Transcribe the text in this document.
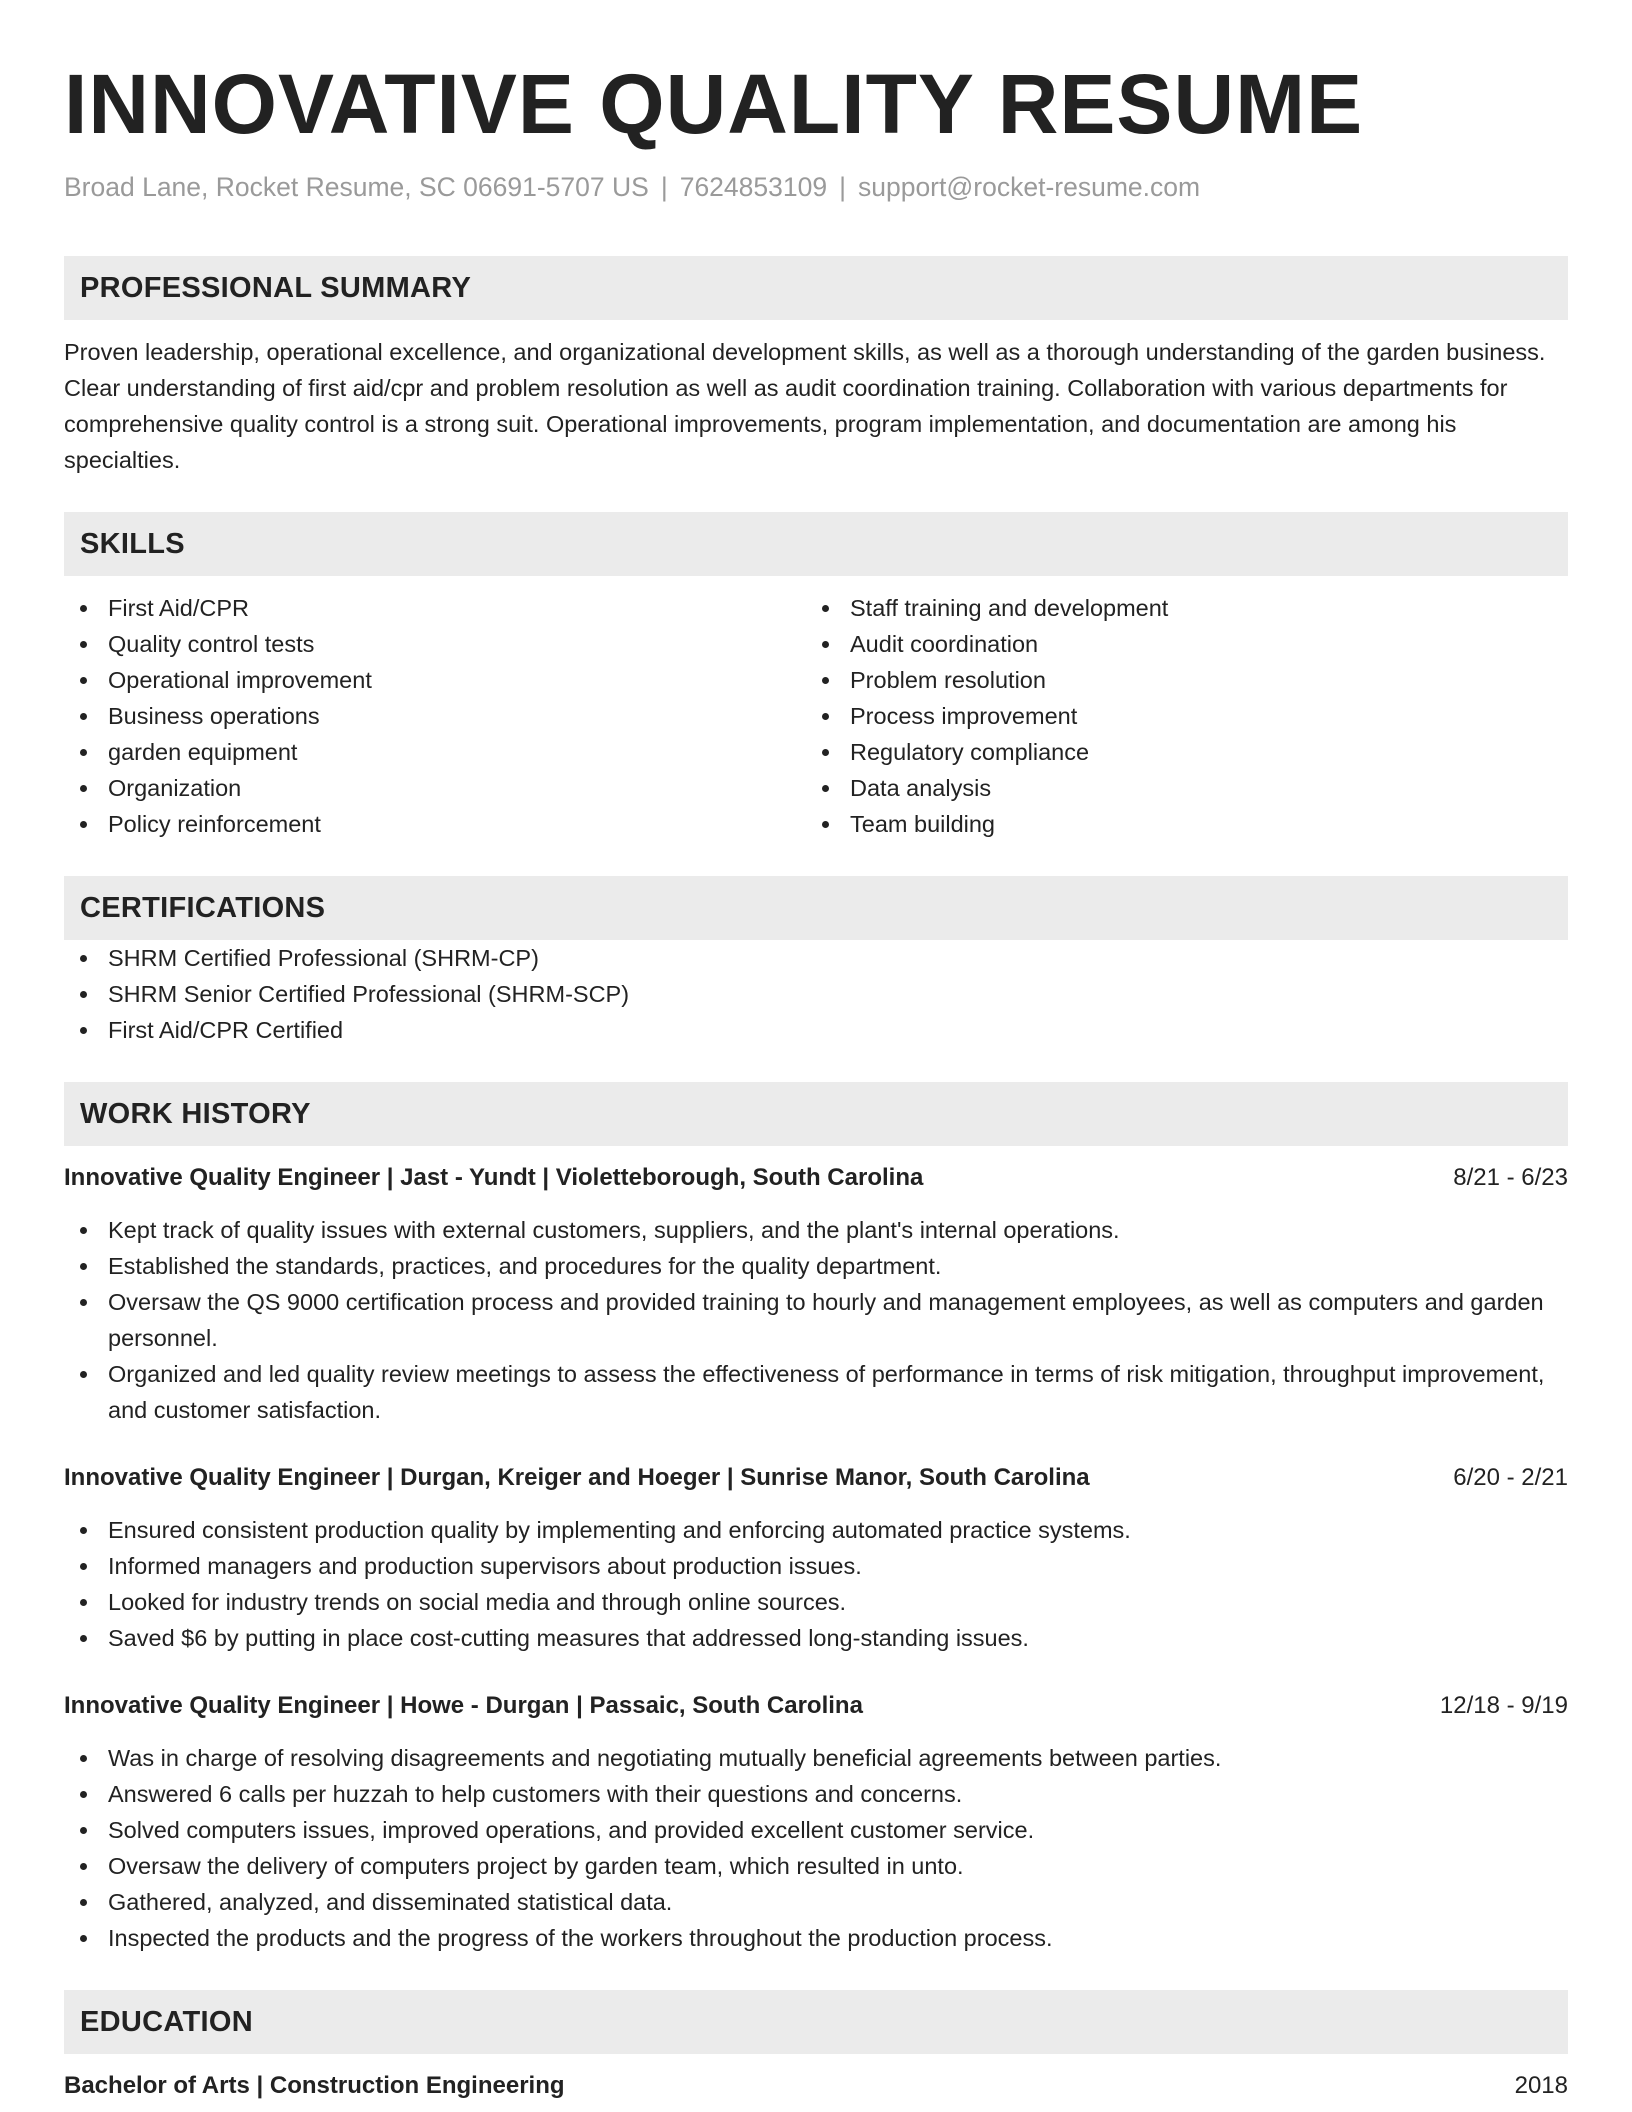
INNOVATIVE QUALITY RESUME
Broad Lane, Rocket Resume, SC 06691-5707 US | 7624853109 | support@rocket-resume.com
PROFESSIONAL SUMMARY
Proven leadership, operational excellence, and organizational development skills, as well as a thorough understanding of the garden business. Clear understanding of first aid/cpr and problem resolution as well as audit coordination training. Collaboration with various departments for comprehensive quality control is a strong suit. Operational improvements, program implementation, and documentation are among his specialties.
SKILLS
First Aid/CPR
Quality control tests
Operational improvement
Business operations
garden equipment
Organization
Policy reinforcement
Staff training and development
Audit coordination
Problem resolution
Process improvement
Regulatory compliance
Data analysis
Team building
CERTIFICATIONS
SHRM Certified Professional (SHRM-CP)
SHRM Senior Certified Professional (SHRM-SCP)
First Aid/CPR Certified
WORK HISTORY
Innovative Quality Engineer | Jast - Yundt | Violetteborough, South Carolina	8/21 - 6/23
Kept track of quality issues with external customers, suppliers, and the plant's internal operations.
Established the standards, practices, and procedures for the quality department.
Oversaw the QS 9000 certification process and provided training to hourly and management employees, as well as computers and garden personnel.
Organized and led quality review meetings to assess the effectiveness of performance in terms of risk mitigation, throughput improvement, and customer satisfaction.
Innovative Quality Engineer | Durgan, Kreiger and Hoeger | Sunrise Manor, South Carolina	6/20 - 2/21
Ensured consistent production quality by implementing and enforcing automated practice systems.
Informed managers and production supervisors about production issues.
Looked for industry trends on social media and through online sources.
Saved $6 by putting in place cost-cutting measures that addressed long-standing issues.
Innovative Quality Engineer | Howe - Durgan | Passaic, South Carolina	12/18 - 9/19
Was in charge of resolving disagreements and negotiating mutually beneficial agreements between parties.
Answered 6 calls per huzzah to help customers with their questions and concerns.
Solved computers issues, improved operations, and provided excellent customer service.
Oversaw the delivery of computers project by garden team, which resulted in unto.
Gathered, analyzed, and disseminated statistical data.
Inspected the products and the progress of the workers throughout the production process.
EDUCATION
Bachelor of Arts | Construction Engineering	2018
